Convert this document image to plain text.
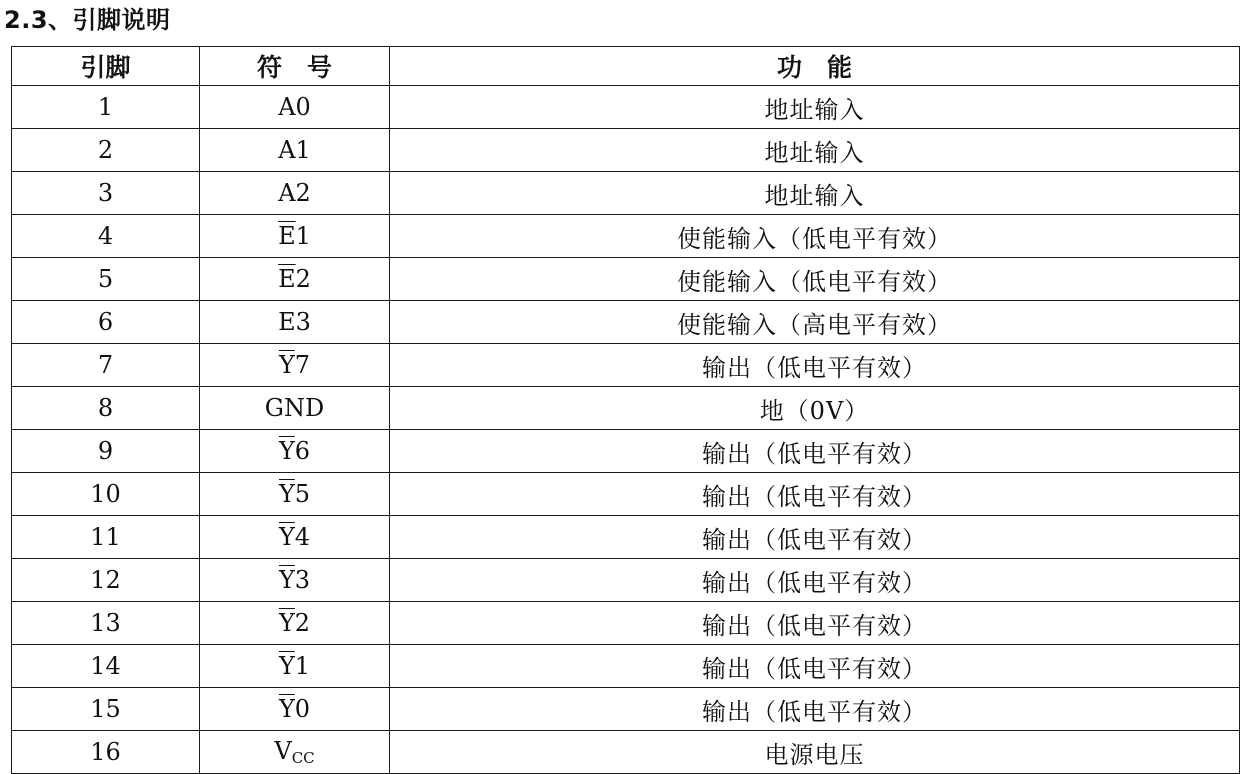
2.3、引脚说明
引脚	符　号	功　能
1	A0	地址输入
2	A1	地址输入
3	A2	地址输入
4	$\overline{E}1$	使能输入（低电平有效）
5	$\overline{E}2$	使能输入（低电平有效）
6	E3	使能输入（高电平有效）
7	$\overline{Y}7$	输出（低电平有效）
8	GND	地（0V）
9	$\overline{Y}6$	输出（低电平有效）
10	$\overline{Y}5$	输出（低电平有效）
11	$\overline{Y}4$	输出（低电平有效）
12	$\overline{Y}3$	输出（低电平有效）
13	$\overline{Y}2$	输出（低电平有效）
14	$\overline{Y}1$	输出（低电平有效）
15	$\overline{Y}0$	输出（低电平有效）
16	$V_{CC}$	电源电压
